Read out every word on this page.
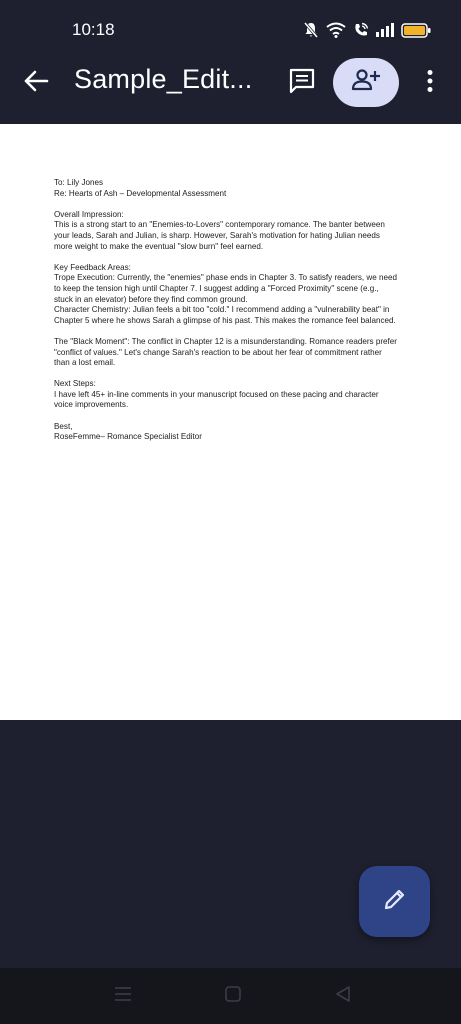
10:18
Sample_Edit...

To: Lily Jones

Re: Hearts of Ash – Developmental Assessment

Overall Impression:

This is a strong start to an "Enemies-to-Lovers" contemporary romance. The banter between

your leads, Sarah and Julian, is sharp. However, Sarah's motivation for hating Julian needs

more weight to make the eventual "slow burn" feel earned.

Key Feedback Areas:

Trope Execution: Currently, the "enemies" phase ends in Chapter 3. To satisfy readers, we need

to keep the tension high until Chapter 7. I suggest adding a "Forced Proximity" scene (e.g.,

stuck in an elevator) before they find common ground.

Character Chemistry: Julian feels a bit too "cold." I recommend adding a "vulnerability beat" in

Chapter 5 where he shows Sarah a glimpse of his past. This makes the romance feel balanced.

The "Black Moment": The conflict in Chapter 12 is a misunderstanding. Romance readers prefer

"conflict of values." Let's change Sarah's reaction to be about her fear of commitment rather

than a lost email.

Next Steps:

I have left 45+ in-line comments in your manuscript focused on these pacing and character

voice improvements.

Best,

RoseFemme– Romance Specialist Editor
